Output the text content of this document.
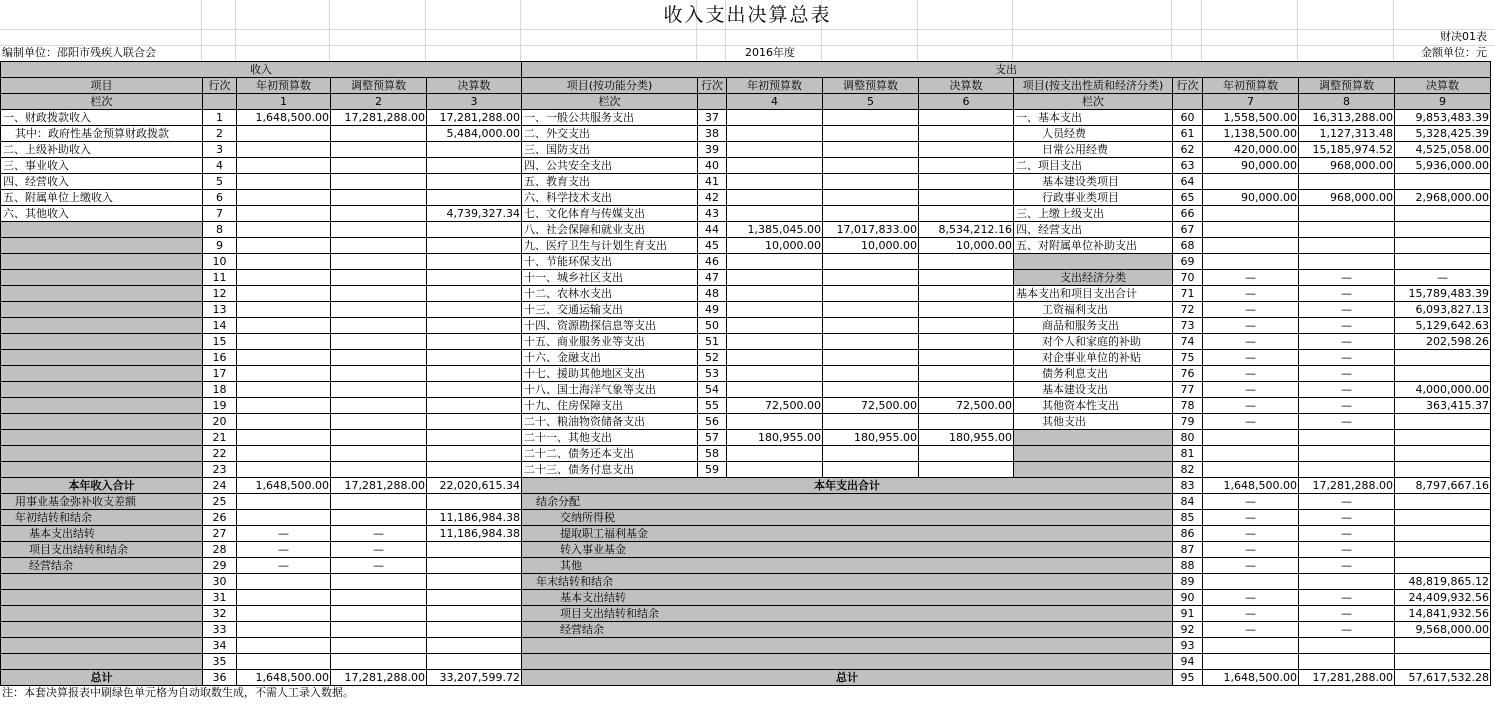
收入支出决算总表
财决01表
编制单位：邵阳市残疾人联合会	2016年度	金额单位：元
收入					支出									
项目	行次	年初预算数	调整预算数	决算数	项目(按功能分类)	行次	年初预算数	调整预算数	决算数	项目(按支出性质和经济分类)	行次	年初预算数	调整预算数	决算数
栏次		1	2	3	栏次		4	5	6	栏次		7	8	9
一、财政拨款收入	1	1,648,500.00	17,281,288.00	17,281,288.00	一、一般公共服务支出	37				一、基本支出	60	1,558,500.00	16,313,288.00	9,853,483.39
其中：政府性基金预算财政拨款	2			5,484,000.00	二、外交支出	38				人员经费	61	1,138,500.00	1,127,313.48	5,328,425.39
二、上级补助收入	3				三、国防支出	39				日常公用经费	62	420,000.00	15,185,974.52	4,525,058.00
三、事业收入	4				四、公共安全支出	40				二、项目支出	63	90,000.00	968,000.00	5,936,000.00
四、经营收入	5				五、教育支出	41				基本建设类项目	64			
五、附属单位上缴收入	6				六、科学技术支出	42				行政事业类项目	65	90,000.00	968,000.00	2,968,000.00
六、其他收入	7			4,739,327.34	七、文化体育与传媒支出	43				三、上缴上级支出	66			
	8				八、社会保障和就业支出	44	1,385,045.00	17,017,833.00	8,534,212.16	四、经营支出	67			
	9				九、医疗卫生与计划生育支出	45	10,000.00	10,000.00	10,000.00	五、对附属单位补助支出	68			
	10				十、节能环保支出	46					69			
	11				十一、城乡社区支出	47				支出经济分类	70	—	—	—
	12				十二、农林水支出	48				基本支出和项目支出合计	71	—	—	15,789,483.39
	13				十三、交通运输支出	49				工资福利支出	72	—	—	6,093,827.13
	14				十四、资源勘探信息等支出	50				商品和服务支出	73	—	—	5,129,642.63
	15				十五、商业服务业等支出	51				对个人和家庭的补助	74	—	—	202,598.26
	16				十六、金融支出	52				对企事业单位的补贴	75	—	—	
	17				十七、援助其他地区支出	53				债务利息支出	76	—	—	
	18				十八、国土海洋气象等支出	54				基本建设支出	77	—	—	4,000,000.00
	19				十九、住房保障支出	55	72,500.00	72,500.00	72,500.00	其他资本性支出	78	—	—	363,415.37
	20				二十、粮油物资储备支出	56				其他支出	79	—	—	
	21				二十一、其他支出	57	180,955.00	180,955.00	180,955.00		80			
	22				二十二、债务还本支出	58					81			
	23				二十三、债务付息支出	59					82			
本年收入合计	24	1,648,500.00	17,281,288.00	22,020,615.34	本年支出合计						83	1,648,500.00	17,281,288.00	8,797,667.16
用事业基金弥补收支差额	25				结余分配						84	—	—	
年初结转和结余	26			11,186,984.38	交纳所得税						85	—	—	
基本支出结转	27	—	—	11,186,984.38	提取职工福利基金						86	—	—	
项目支出结转和结余	28	—	—		转入事业基金						87	—	—	
经营结余	29	—	—		其他						88	—	—	
	30				年末结转和结余						89			48,819,865.12
	31				基本支出结转						90	—	—	24,409,932.56
	32				项目支出结转和结余						91	—	—	14,841,932.56
	33				经营结余						92	—	—	9,568,000.00
	34										93			
	35										94			
总计	36	1,648,500.00	17,281,288.00	33,207,599.72	总计						95	1,648,500.00	17,281,288.00	57,617,532.28
注：本套决算报表中刷绿色单元格为自动取数生成，不需人工录入数据。
